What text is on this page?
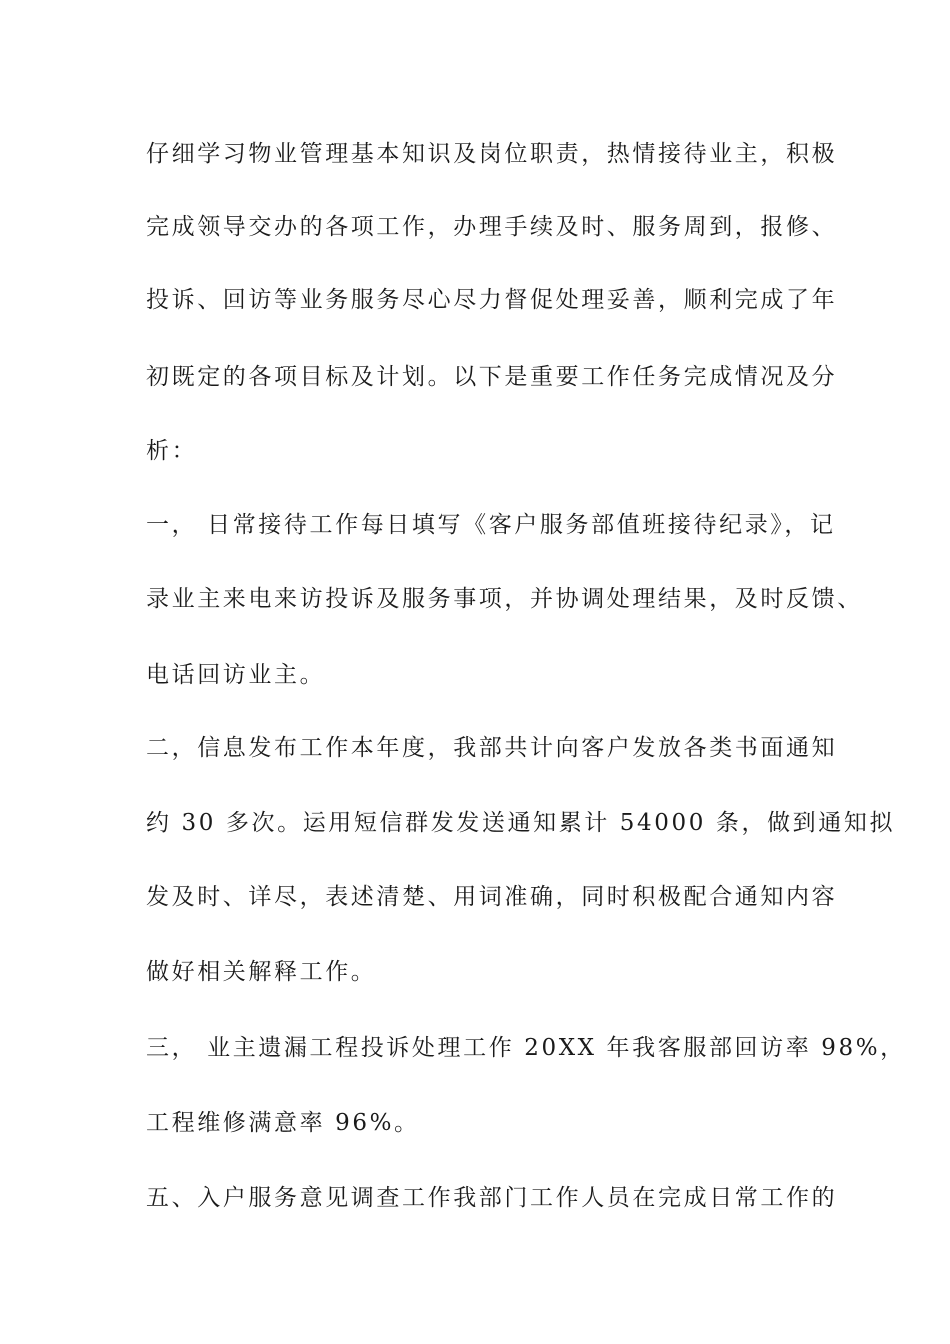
仔细学习物业管理基本知识及岗位职责，热情接待业主，积极
完成领导交办的各项工作，办理手续及时、服务周到，报修、
投诉、回访等业务服务尽心尽力督促处理妥善，顺利完成了年
初既定的各项目标及计划。以下是重要工作任务完成情况及分
析：
一， 日常接待工作每日填写《客户服务部值班接待纪录》，记
录业主来电来访投诉及服务事项，并协调处理结果，及时反馈、
电话回访业主。
二，信息发布工作本年度，我部共计向客户发放各类书面通知
约 30 多次。运用短信群发发送通知累计 54000 条，做到通知拟
发及时、详尽，表述清楚、用词准确，同时积极配合通知内容
做好相关解释工作。
三， 业主遗漏工程投诉处理工作 20XX 年我客服部回访率 98%，
工程维修满意率 96%。
五、入户服务意见调查工作我部门工作人员在完成日常工作的
